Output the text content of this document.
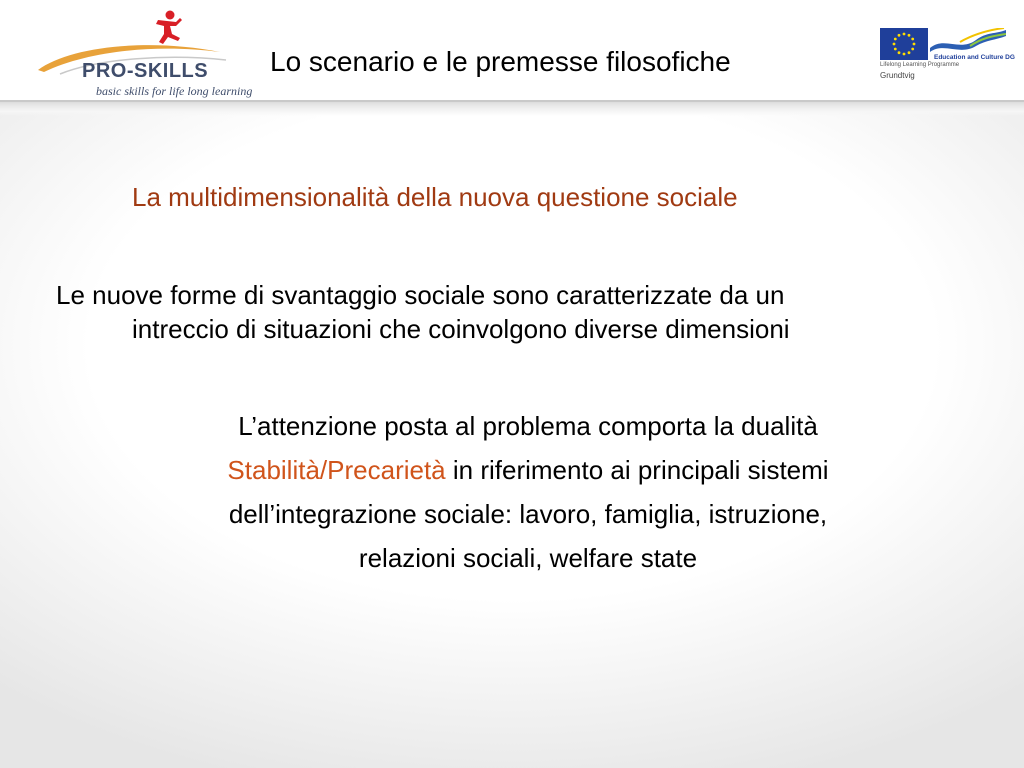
PRO-SKILLS
basic skills for life long learning
Lo scenario e le premesse filosofiche	Education and Culture DG
Lifelong Learning Programme
Grundtvig
La multidimensionalità della nuova questione sociale
Le nuove forme di svantaggio sociale sono caratterizzate da un
intreccio di situazioni che coinvolgono diverse dimensioni
L’attenzione posta al problema comporta la dualità
Stabilità/Precarietà in riferimento ai principali sistemi
dell’integrazione sociale: lavoro, famiglia, istruzione,
relazioni sociali, welfare state
